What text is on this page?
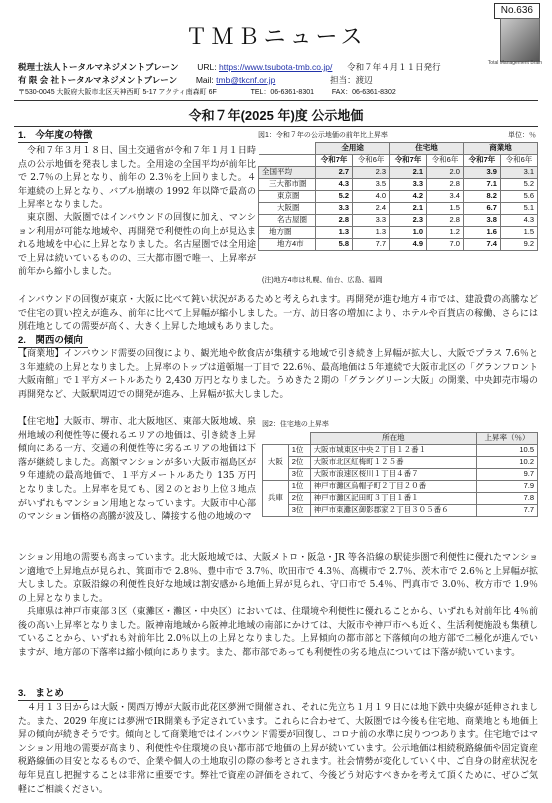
No.636
ＴＭＢニュース
Total Management Brain
税理士法人トータルマネジメントブレーン URL: https://www.tsubota-tmb.co.jp/ 令和７年４月１１日発行
有 限 会 社トータルマネジメントブレーン Mail: tmb@tkcnf.or.jp	担当：渡辺
〒530-0045 大阪府大阪市北区天神西町 5-17 アクティ南森町 6F	TEL：06-6361-8301	FAX：06-6361-8302
令和７年(2025 年)度 公示地価
1.　今年度の特徴
令和７年３月１８日、国土交通省が令和７年１月１日時点の公示地価を発表しました。全用途の全国平均が前年比で 2.7％の上昇となり、前年の 2.3％を上回りました。４年連続の上昇となり、バブル崩壊の 1992 年以降で最高の上昇率となりました。
東京圏、大阪圏ではインバウンドの回復に加え、マンション利用が可能な地域や、再開発で利便性の向上が見込まれる地域を中心に上昇となりました。名古屋圏では全用途で上昇は続いているものの、三大都市圏で唯一、上昇率が前年から縮小しました。
インバウンドの回復が東京・大阪に比べて鈍い状況があるためと考えられます。再開発が進む地方４市では、建設費の高騰などで住宅の買い控えが進み、前年に比べて上昇幅が縮小しました。一方、訪日客の増加により、ホテルや百貨店の稼働、さらには別荘地としての需要が高く、大きく上昇した地域もありました。
図1：令和７年の公示地価の前年比上昇率	単位：％
	全用途		住宅地		商業地	
	令和7年	令和6年	令和7年	令和6年	令和7年	令和6年
全国平均	2.7	2.3	2.1	2.0	3.9	3.1
三大都市圏	4.3	3.5	3.3	2.8	7.1	5.2
東京圏	5.2	4.0	4.2	3.4	8.2	5.6
大阪圏	3.3	2.4	2.1	1.5	6.7	5.1
名古屋圏	2.8	3.3	2.3	2.8	3.8	4.3
地方圏	1.3	1.3	1.0	1.2	1.6	1.5
地方4市	5.8	7.7	4.9	7.0	7.4	9.2
(注)地方4市は札幌、仙台、広島、福岡
2.　関西の傾向
【商業地】インバウンド需要の回復により、観光地や飲食店が集積する地域で引き続き上昇幅が拡大し、大阪でプラス 7.6％と３年連続の上昇となりました。上昇率のトップは道頓堀一丁目で 22.6％、最高地価は５年連続で大阪市北区の「グランフロント大阪南館」で１平方メートルあたり 2,430 万円となりました。うめきた２期の「グラングリーン大阪」の開業、中央卸売市場の再開発など、大阪駅周辺での開発が進み、上昇幅が拡大しました。
【住宅地】大阪市、堺市、北大阪地区、東部大阪地域、泉州地域の利便性等に優れるエリアの地価は、引き続き上昇傾向にある一方、交通の利便性等に劣るエリアの地価は下落が継続しました。高額マンションが多い大阪市福島区が９年連続の最高地価で、１平方メートルあたり 135 万円となりました。上昇率を見ても、図２のとおり上位３地点がいずれもマンション用地となっています。大阪市中心部のマンション価格の高騰が波及し、隣接する他の地域のマ
ンション用地の需要も高まっています。北大阪地域では、大阪メトロ・阪急・JR 等各沿線の駅徒歩圏で利便性に優れたマンション適地で上昇地点が見られ、箕面市で 2.8％、豊中市で 3.7％、吹田市で 4.3％、高槻市で 2.7％、茨木市で 2.6％と上昇幅が拡大しました。京阪沿線の利便性良好な地域は割安感から地価上昇が見られ、守口市で 5.4％、門真市で 3.0％、枚方市で 1.9％の上昇となりました。
兵庫県は神戸市東部３区（東灘区・灘区・中央区）においては、住環境や利便性に優れることから、いずれも対前年比 4％前後の高い上昇率となりました。阪神南地域から阪神北地域の南部にかけては、大阪市や神戸市へも近く、生活利便施設も集積していることから、いずれも対前年比 2.0％以上の上昇となりました。上昇傾向の都市部と下落傾向の地方部で二極化が進んでいますが、地方部の下落率は縮小傾向にあります。また、都市部であっても利便性の劣る地点については下落が続いています。
図2：住宅地の上昇率
		所在地	上昇率（％）
大阪	1位	大阪市城東区中央２丁目１２番１	10.5
	2位	大阪市北区紅梅町１２５番	10.2
	3位	大阪市浪速区桜川１丁目４番７	9.7
兵庫	1位	神戸市灘区烏帽子町２丁目２０番	7.9
	2位	神戸市灘区記田町３丁目１番１	7.8
	3位	神戸市東灘区御影郡家２丁目３０５番６	7.7
3.　まとめ
４月１３日からは大阪・関西万博が大阪市此花区夢洲で開催され、それに先立ち１月１９日には地下鉄中央線が延伸されました。また、2029 年度には夢洲でIR開業も予定されています。これらに合わせて、大阪圏では今後も住宅地、商業地とも地価上昇の傾向が続きそうです。傾向として商業地ではインバウンド需要が回復し、コロナ前の水準に戻りつつあります。住宅地ではマンション用地の需要が高まり、利便性や住環境の良い都市部で地価の上昇が続いています。公示地価は相続税路線価や固定資産税路線価の目安となるもので、企業や個人の土地取引の際の参考とされます。社会情勢が変化していく中、ご自身の財産状況を毎年見直し把握することは非常に重要です。弊社で資産の評価をされて、今後どう対応すべきかを考えて頂くために、ぜひご気軽にご相談ください。
